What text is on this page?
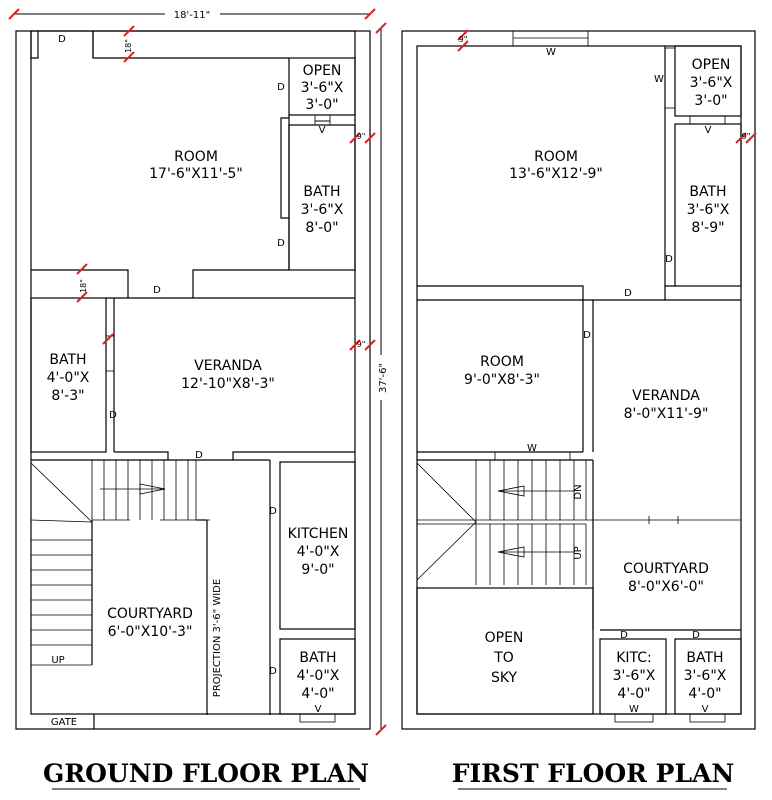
18'-11"
37'-6"
OPEN
3'-6"X
3'-0"
D
ROOM
17'-6"X11'-5"
D
D
V
D
BATH
3'-6"X
8'-0"
BATH
4'-0"X
8'-3"
D
VERANDA
12'-10"X8'-3"
D
UP
COURTYARD
6'-0"X10'-3" PROJECTION 3'-6" WIDE
D
KITCHEN
4'-0"X
9'-0"
BATH
4'-0"X
4'-0"
V
D
GATE
18"
18"
9"
9"
GROUND FLOOR PLAN
W
W
ROOM
13'-6"X12'-9"
D
OPEN
3'-6"X
3'-0"
V
BATH
3'-6"X
8'-9"
W
ROOM
9'-0"X8'-3"
D
D
VERANDA
8'-0"X11'-9"
DN
UP
COURTYARD
8'-0"X6'-0"
OPEN
TO
SKY
W
KITC:
3'-6"X
4'-0"
D
V
BATH
3'-6"X
4'-0"
D
9"
9"
FIRST FLOOR PLAN
